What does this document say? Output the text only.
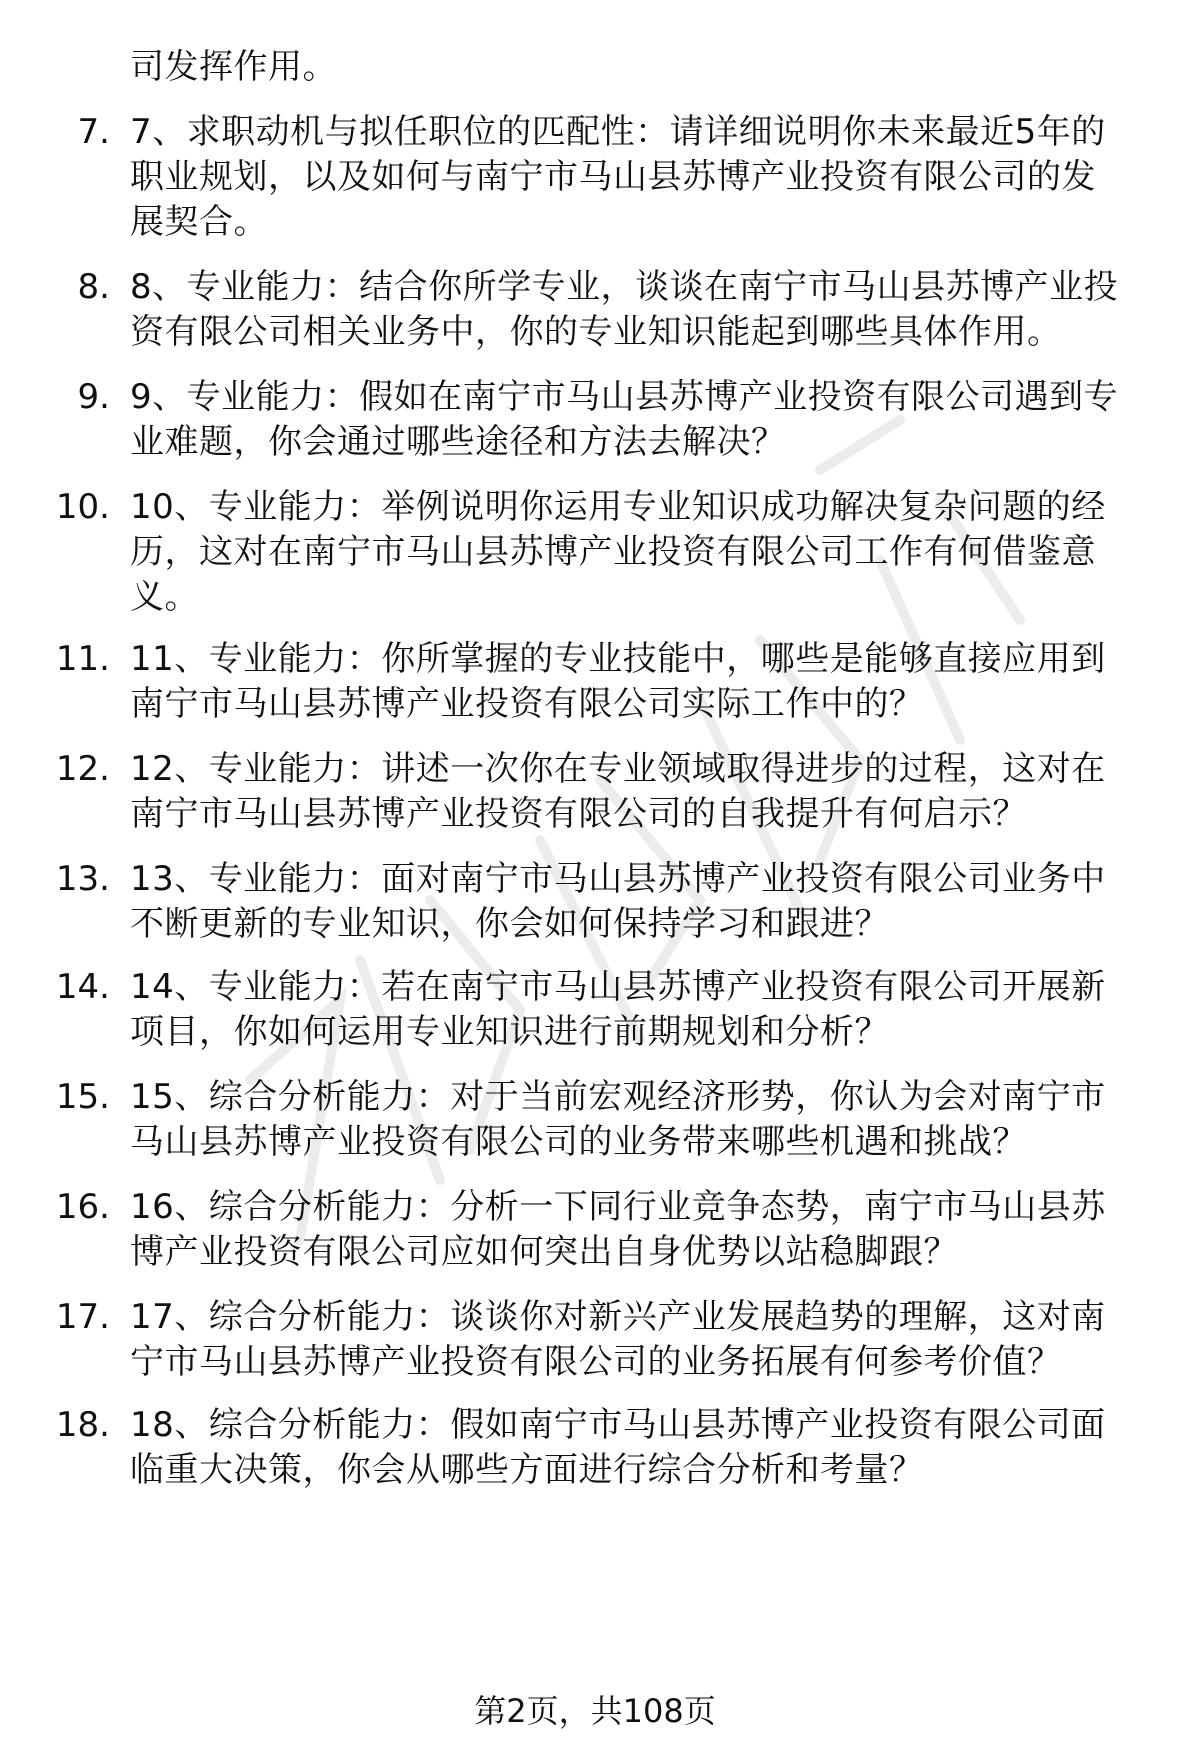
司发挥作用。
7. 7、求职动机与拟任职位的匹配性：请详细说明你未来最近5年的
职业规划，以及如何与南宁市马山县苏博产业投资有限公司的发
展契合。
8. 8、专业能力：结合你所学专业，谈谈在南宁市马山县苏博产业投
资有限公司相关业务中，你的专业知识能起到哪些具体作用。
9. 9、专业能力：假如在南宁市马山县苏博产业投资有限公司遇到专
业难题，你会通过哪些途径和方法去解决？
10. 10、专业能力：举例说明你运用专业知识成功解决复杂问题的经
历，这对在南宁市马山县苏博产业投资有限公司工作有何借鉴意
义。
11. 11、专业能力：你所掌握的专业技能中，哪些是能够直接应用到
南宁市马山县苏博产业投资有限公司实际工作中的？
12. 12、专业能力：讲述一次你在专业领域取得进步的过程，这对在
南宁市马山县苏博产业投资有限公司的自我提升有何启示？
13. 13、专业能力：面对南宁市马山县苏博产业投资有限公司业务中
不断更新的专业知识，你会如何保持学习和跟进？
14. 14、专业能力：若在南宁市马山县苏博产业投资有限公司开展新
项目，你如何运用专业知识进行前期规划和分析？
15. 15、综合分析能力：对于当前宏观经济形势，你认为会对南宁市
马山县苏博产业投资有限公司的业务带来哪些机遇和挑战？
16. 16、综合分析能力：分析一下同行业竞争态势，南宁市马山县苏
博产业投资有限公司应如何突出自身优势以站稳脚跟？
17. 17、综合分析能力：谈谈你对新兴产业发展趋势的理解，这对南
宁市马山县苏博产业投资有限公司的业务拓展有何参考价值？
18. 18、综合分析能力：假如南宁市马山县苏博产业投资有限公司面
临重大决策，你会从哪些方面进行综合分析和考量？
第2页，共108页
